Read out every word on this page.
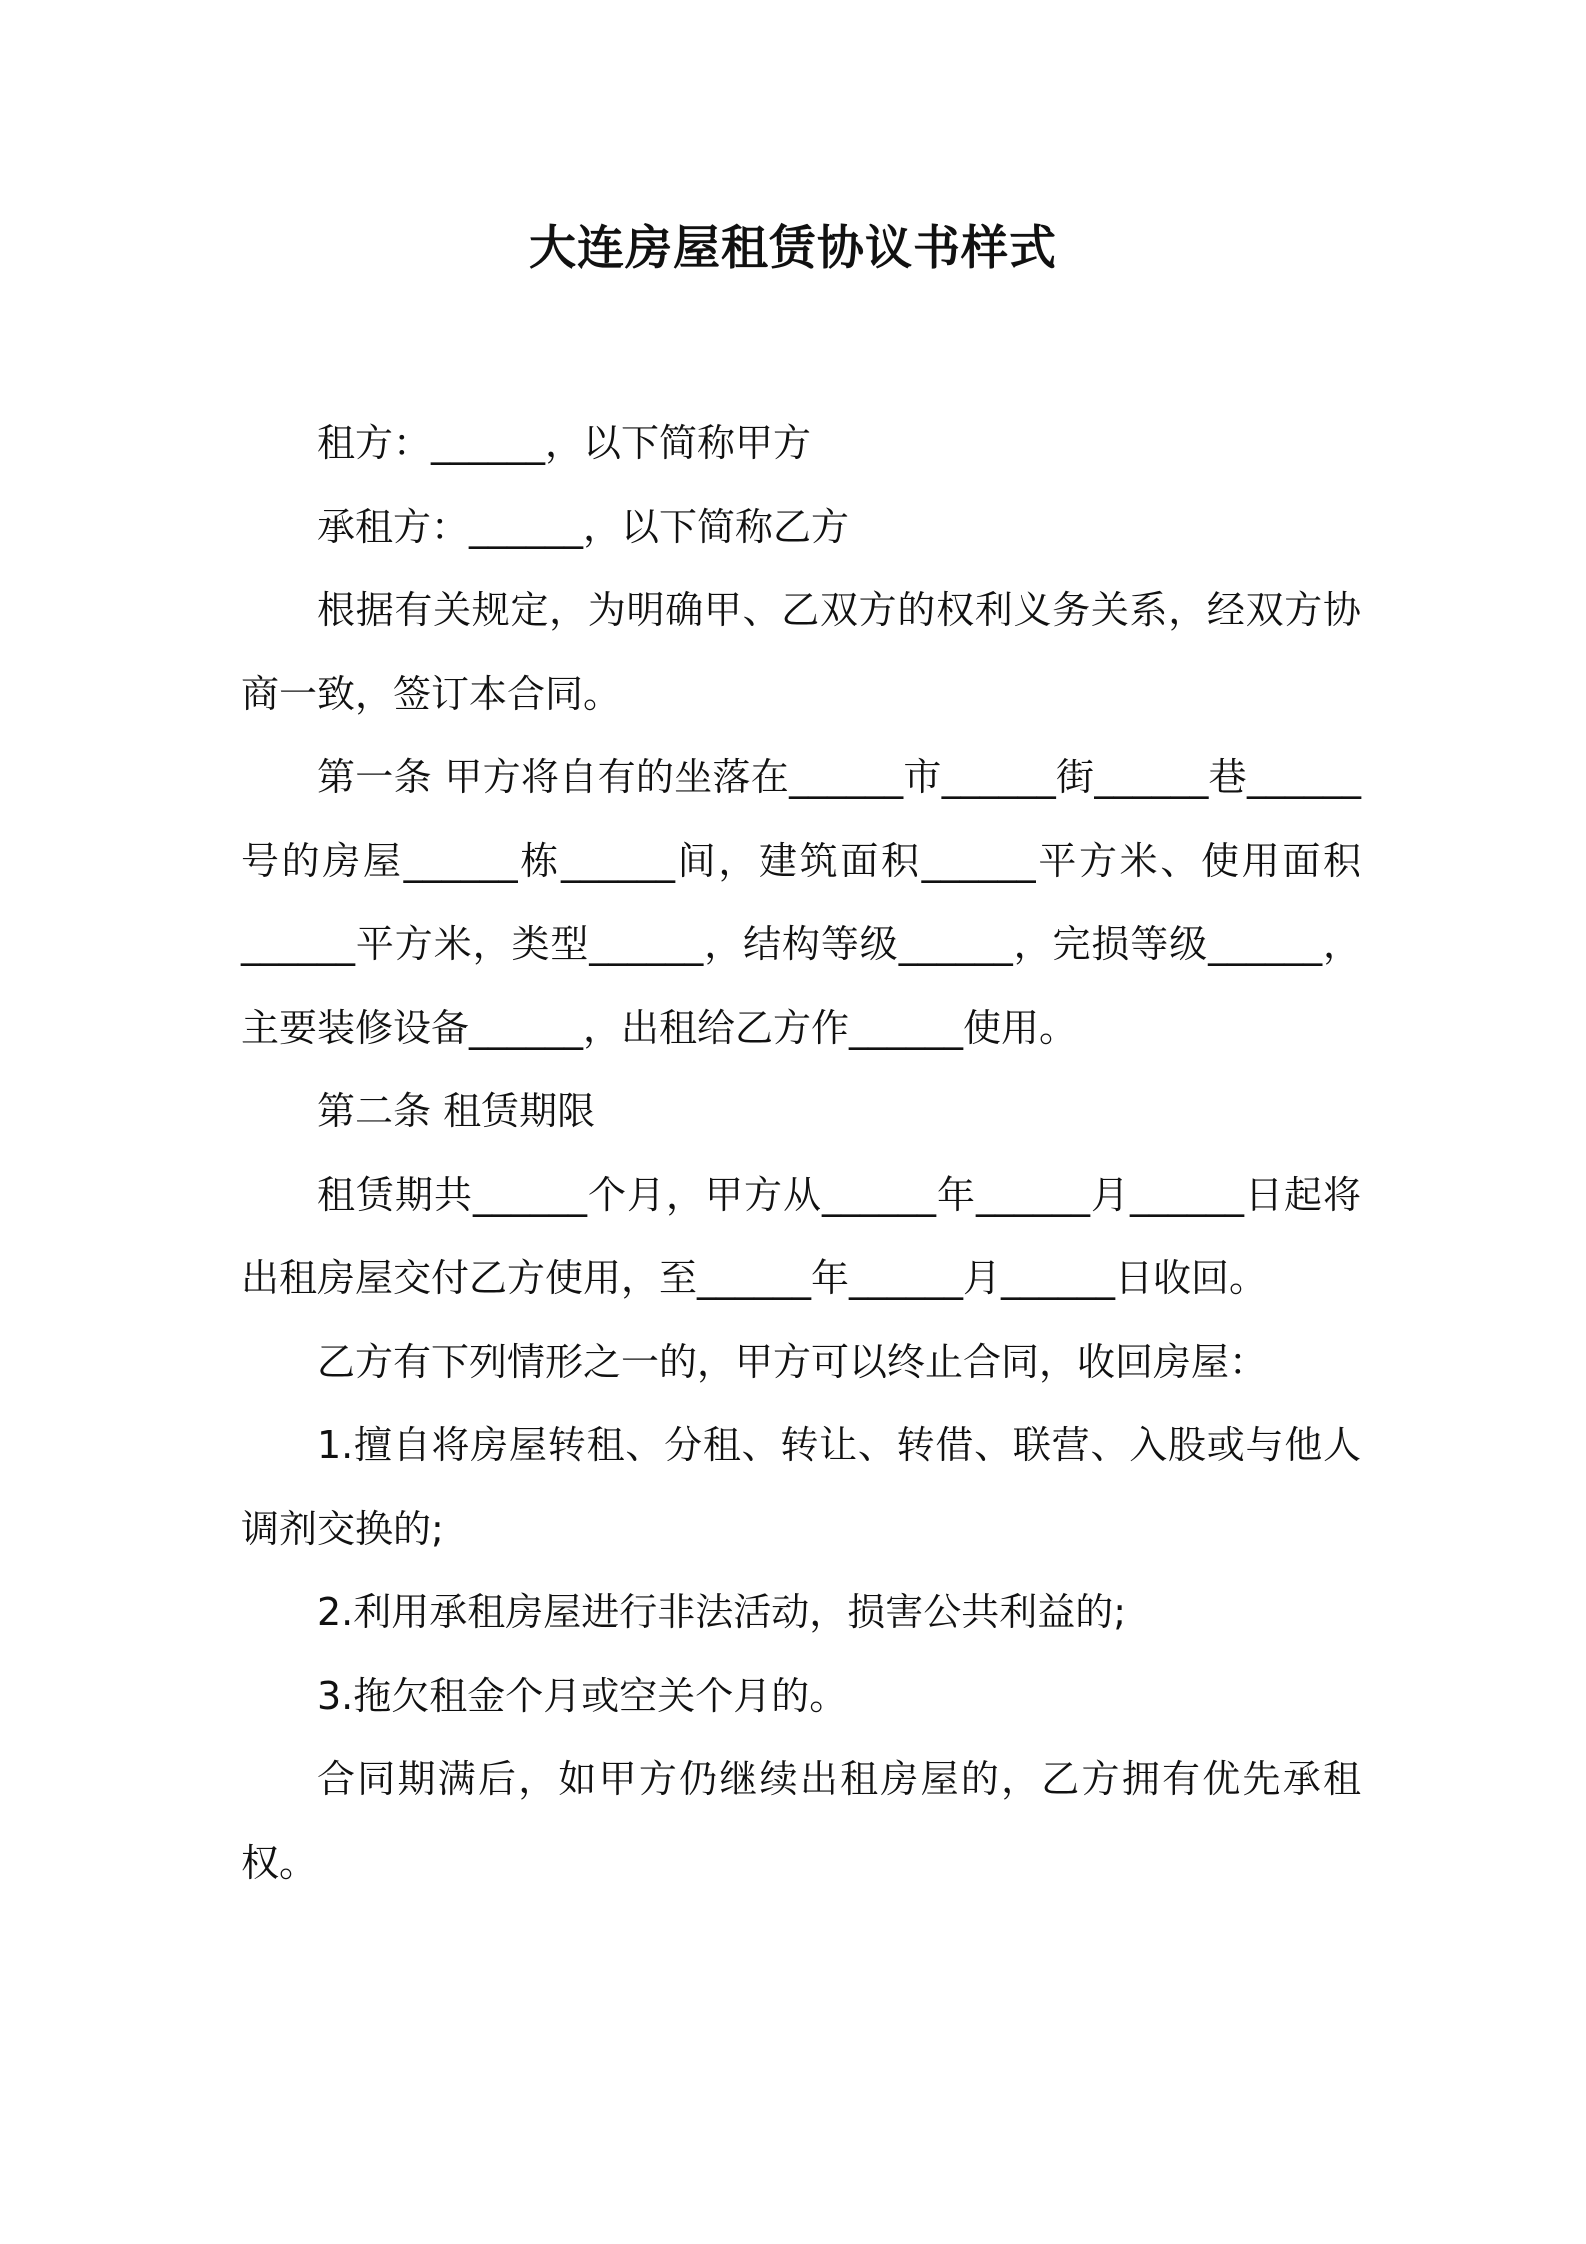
大连房屋租赁协议书样式

租方：______，以下简称甲方

承租方：______，以下简称乙方

根据有关规定，为明确甲、乙双方的权利义务关系，经双方协商一致，签订本合同。

第一条 甲方将自有的坐落在______市______街______巷______号的房屋______栋______间，建筑面积______平方米、使用面积______平方米，类型______，结构等级______，完损等级______，主要装修设备______，出租给乙方作______使用。

第二条 租赁期限

租赁期共______个月，甲方从______年______月______日起将出租房屋交付乙方使用，至______年______月______日收回。

乙方有下列情形之一的，甲方可以终止合同，收回房屋：

1.擅自将房屋转租、分租、转让、转借、联营、入股或与他人调剂交换的;

2.利用承租房屋进行非法活动，损害公共利益的;

3.拖欠租金个月或空关个月的。

合同期满后，如甲方仍继续出租房屋的，乙方拥有优先承租权。
